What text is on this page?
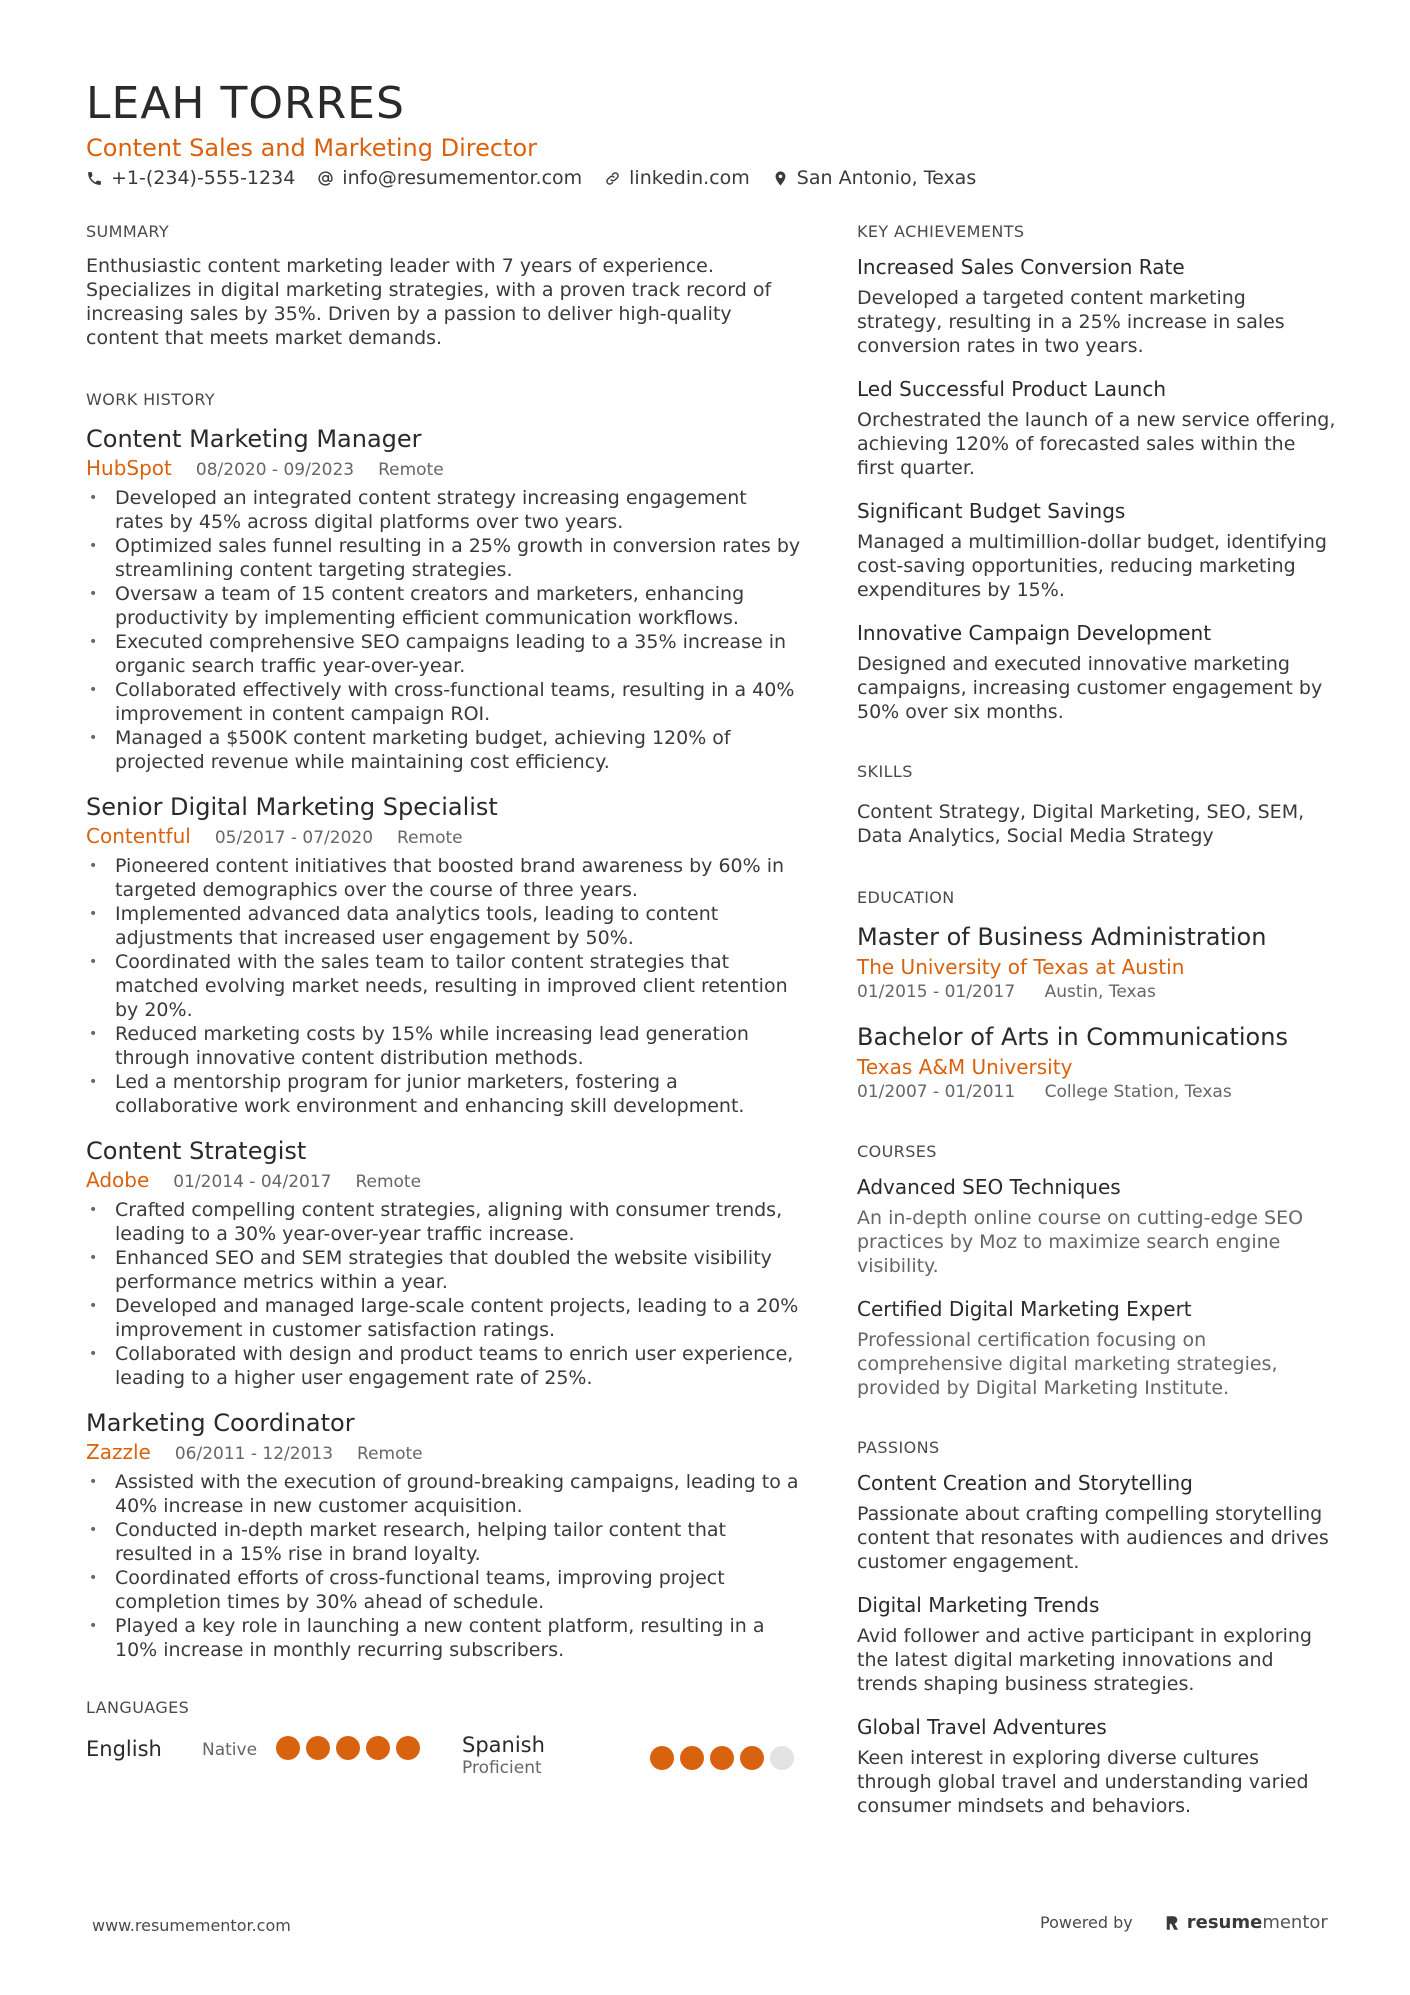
LEAH TORRES
Content Sales and Marketing Director
+1-(234)-555-1234 info@resumementor.com linkedin.com San Antonio, Texas
SUMMARY
Enthusiastic content marketing leader with 7 years of experience. Specializes in digital marketing strategies, with a proven track record of increasing sales by 35%. Driven by a passion to deliver high-quality content that meets market demands.
WORK HISTORY
Content Marketing Manager
HubSpot 08/2020 - 09/2023 Remote
• Developed an integrated content strategy increasing engagement rates by 45% across digital platforms over two years.
• Optimized sales funnel resulting in a 25% growth in conversion rates by streamlining content targeting strategies.
• Oversaw a team of 15 content creators and marketers, enhancing productivity by implementing efficient communication workflows.
• Executed comprehensive SEO campaigns leading to a 35% increase in organic search traffic year-over-year.
• Collaborated effectively with cross-functional teams, resulting in a 40% improvement in content campaign ROI.
• Managed a $500K content marketing budget, achieving 120% of projected revenue while maintaining cost efficiency.
Senior Digital Marketing Specialist
Contentful 05/2017 - 07/2020 Remote
• Pioneered content initiatives that boosted brand awareness by 60% in targeted demographics over the course of three years.
• Implemented advanced data analytics tools, leading to content adjustments that increased user engagement by 50%.
• Coordinated with the sales team to tailor content strategies that matched evolving market needs, resulting in improved client retention by 20%.
• Reduced marketing costs by 15% while increasing lead generation through innovative content distribution methods.
• Led a mentorship program for junior marketers, fostering a collaborative work environment and enhancing skill development.
Content Strategist
Adobe 01/2014 - 04/2017 Remote
• Crafted compelling content strategies, aligning with consumer trends, leading to a 30% year-over-year traffic increase.
• Enhanced SEO and SEM strategies that doubled the website visibility performance metrics within a year.
• Developed and managed large-scale content projects, leading to a 20% improvement in customer satisfaction ratings.
• Collaborated with design and product teams to enrich user experience, leading to a higher user engagement rate of 25%.
Marketing Coordinator
Zazzle 06/2011 - 12/2013 Remote
• Assisted with the execution of ground-breaking campaigns, leading to a 40% increase in new customer acquisition.
• Conducted in-depth market research, helping tailor content that resulted in a 15% rise in brand loyalty.
• Coordinated efforts of cross-functional teams, improving project completion times by 30% ahead of schedule.
• Played a key role in launching a new content platform, resulting in a 10% increase in monthly recurring subscribers.
LANGUAGES
English	Native	Spanish
Proficient
KEY ACHIEVEMENTS
Increased Sales Conversion Rate
Developed a targeted content marketing strategy, resulting in a 25% increase in sales conversion rates in two years.
Led Successful Product Launch
Orchestrated the launch of a new service offering, achieving 120% of forecasted sales within the first quarter.
Significant Budget Savings
Managed a multimillion-dollar budget, identifying cost-saving opportunities, reducing marketing expenditures by 15%.
Innovative Campaign Development
Designed and executed innovative marketing campaigns, increasing customer engagement by 50% over six months.
SKILLS
Content Strategy, Digital Marketing, SEO, SEM, Data Analytics, Social Media Strategy
EDUCATION
Master of Business Administration
The University of Texas at Austin
01/2015 - 01/2017 Austin, Texas
Bachelor of Arts in Communications
Texas A&M University
01/2007 - 01/2011 College Station, Texas
COURSES
Advanced SEO Techniques
An in-depth online course on cutting-edge SEO practices by Moz to maximize search engine visibility.
Certified Digital Marketing Expert
Professional certification focusing on comprehensive digital marketing strategies, provided by Digital Marketing Institute.
PASSIONS
Content Creation and Storytelling
Passionate about crafting compelling storytelling content that resonates with audiences and drives customer engagement.
Digital Marketing Trends
Avid follower and active participant in exploring the latest digital marketing innovations and trends shaping business strategies.
Global Travel Adventures
Keen interest in exploring diverse cultures through global travel and understanding varied consumer mindsets and behaviors.
www.resumementor.com	Powered by	resume mentor
